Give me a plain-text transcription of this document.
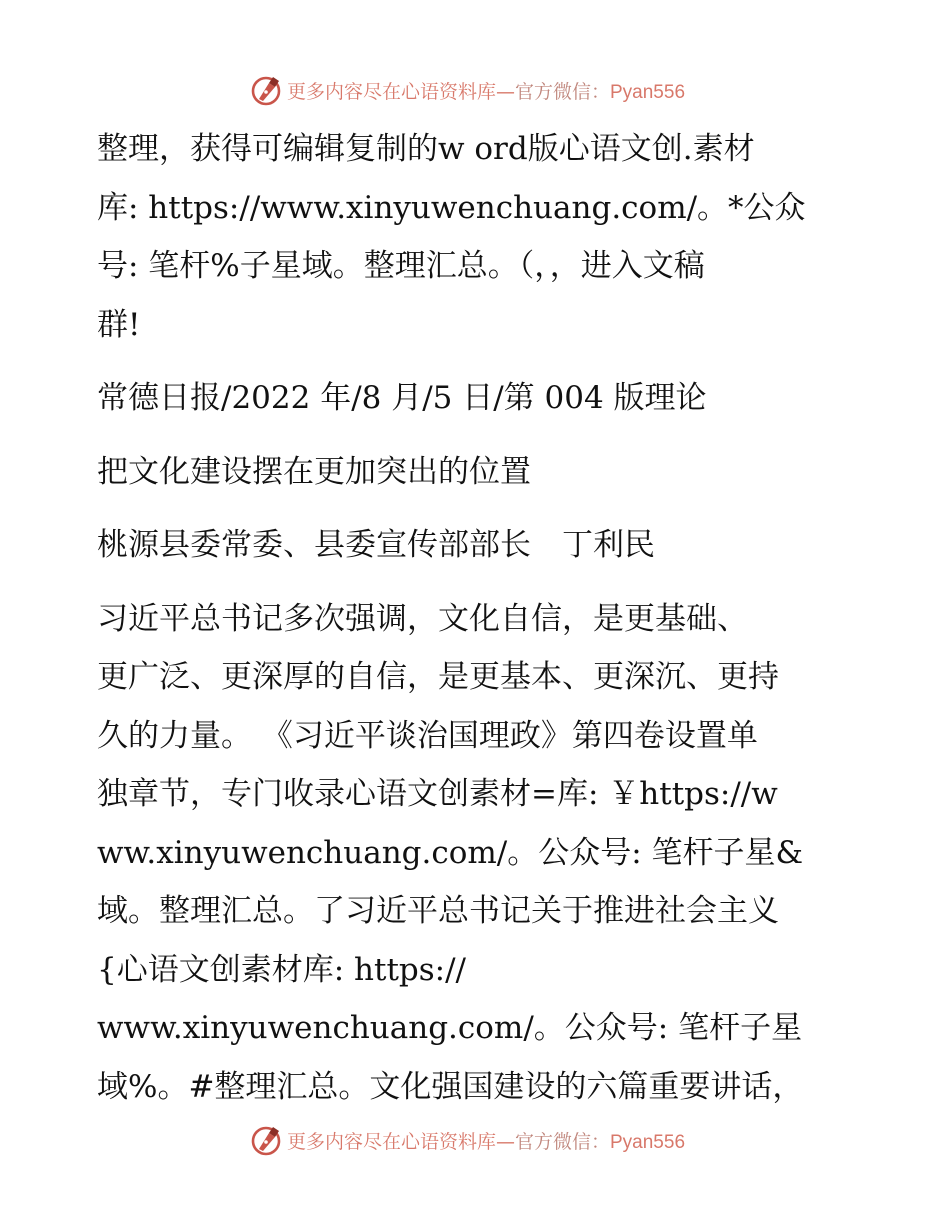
更多内容尽在心语资料库—官方微信：Pyan556

整理，获得可编辑复制的w ord版心语文创.素材
库: https://www.xinyuwenchuang.com/。*公众
号: 笔杆%子星域。整理汇总。（，，进入文稿
群!

常德日报/2022 年/8 月/5 日/第 004 版理论

把文化建设摆在更加突出的位置

桃源县委常委、县委宣传部部长　丁利民

习近平总书记多次强调，文化自信，是更基础、
更广泛、更深厚的自信，是更基本、更深沉、更持
久的力量。 《习近平谈治国理政》第四卷设置单
独章节，专门收录心语文创素材=库: ￥https://w
ww.xinyuwenchuang.com/。公众号: 笔杆子星&
域。整理汇总。了习近平总书记关于推进社会主义
{心语文创素材库: https://
www.xinyuwenchuang.com/。公众号: 笔杆子星
域%。#整理汇总。文化强国建设的六篇重要讲话，

更多内容尽在心语资料库—官方微信：Pyan556
